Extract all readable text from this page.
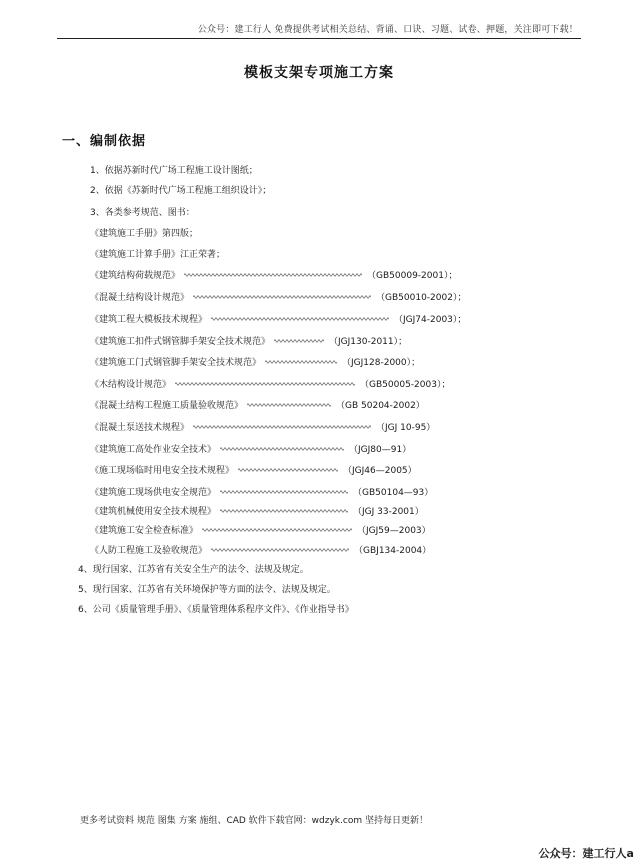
公众号：建工行人 免费提供考试相关总结、背诵、口诀、习题、试卷、押题，关注即可下载！
模板支架专项施工方案
一、编制依据
1、依据苏新时代广场工程施工设计图纸；
2、依据《苏新时代广场工程施工组织设计》；
3、各类参考规范、图书：
《建筑施工手册》第四版；
《建筑施工计算手册》江正荣著；
《建筑结构荷载规范》	（GB50009-2001）；
《混凝土结构设计规范》	（GB50010-2002）；
《建筑工程大模板技术规程》	（JGJ74-2003）；
《建筑施工扣件式钢管脚手架安全技术规范》	（JGJ130-2011）；
《建筑施工门式钢管脚手架安全技术规范》	（JGJ128-2000）；
《木结构设计规范》	（GB50005-2003）；
《混凝土结构工程施工质量验收规范》	（GB 50204-2002）
《混凝土泵送技术规程》	（JGJ 10-95）
《建筑施工高处作业安全技术》	（JGJ80—91）
《施工现场临时用电安全技术规程》	（JGJ46—2005）
《建筑施工现场供电安全规范》	（GB50104—93）
《建筑机械使用安全技术规程》	（JGJ 33-2001）
《建筑施工安全检查标准》	（JGJ59—2003）
《人防工程施工及验收规范》	（GBJ134-2004）
4、现行国家、江苏省有关安全生产的法令、法规及规定。
5、现行国家、江苏省有关环境保护等方面的法令、法规及规定。
6、公司《质量管理手册》、《质量管理体系程序文件》、《作业指导书》
更多考试资料 规范 图集 方案 施组、CAD 软件下载官网：wdzyk.com 坚持每日更新！
公众号：建工行人a
